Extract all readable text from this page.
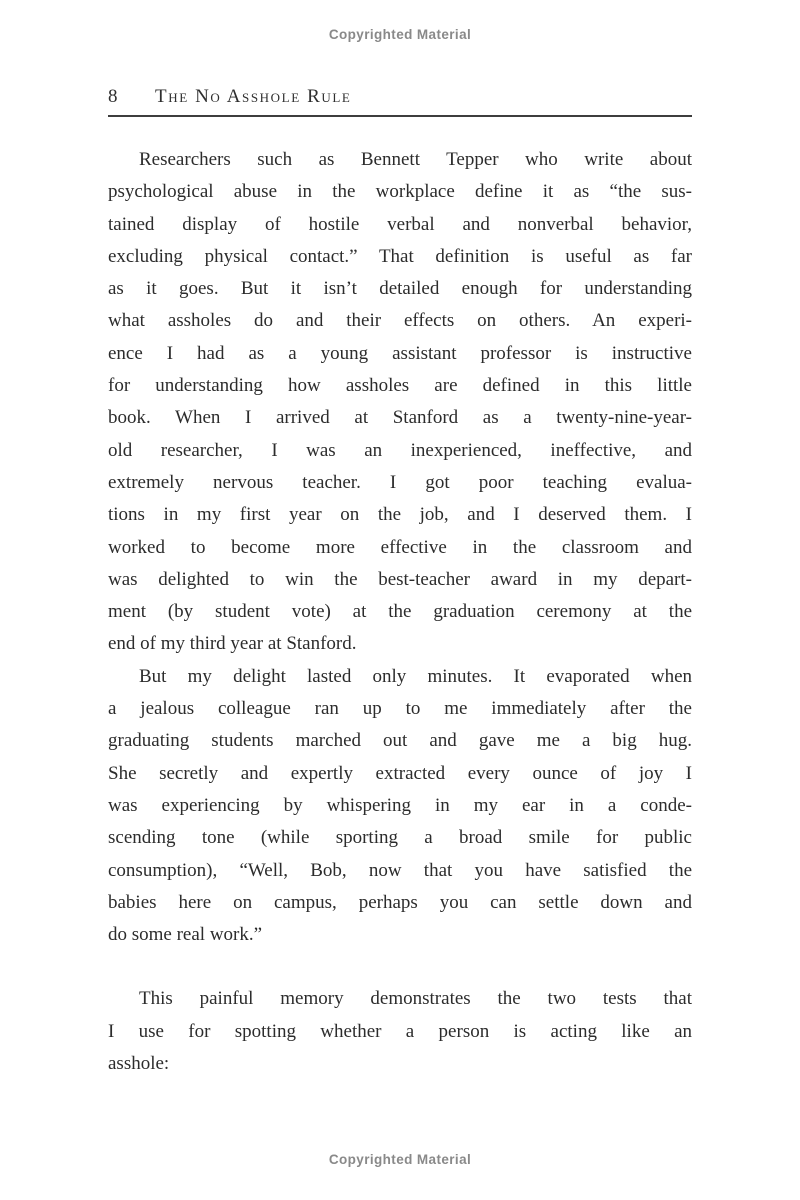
Copyrighted Material
8	The No Asshole Rule
Researchers such as Bennett Tepper who write about
psychological abuse in the workplace define it as “the sus-
tained display of hostile verbal and nonverbal behavior,
excluding physical contact.” That definition is useful as far
as it goes. But it isn’t detailed enough for understanding
what assholes do and their effects on others. An experi-
ence I had as a young assistant professor is instructive
for understanding how assholes are defined in this little
book. When I arrived at Stanford as a twenty-nine-year-
old researcher, I was an inexperienced, ineffective, and
extremely nervous teacher. I got poor teaching evalua-
tions in my first year on the job, and I deserved them. I
worked to become more effective in the classroom and
was delighted to win the best-teacher award in my depart-
ment (by student vote) at the graduation ceremony at the
end of my third year at Stanford.
But my delight lasted only minutes. It evaporated when
a jealous colleague ran up to me immediately after the
graduating students marched out and gave me a big hug.
She secretly and expertly extracted every ounce of joy I
was experiencing by whispering in my ear in a conde-
scending tone (while sporting a broad smile for public
consumption), “Well, Bob, now that you have satisfied the
babies here on campus, perhaps you can settle down and
do some real work.”
This painful memory demonstrates the two tests that
I use for spotting whether a person is acting like an
asshole:
Copyrighted Material
